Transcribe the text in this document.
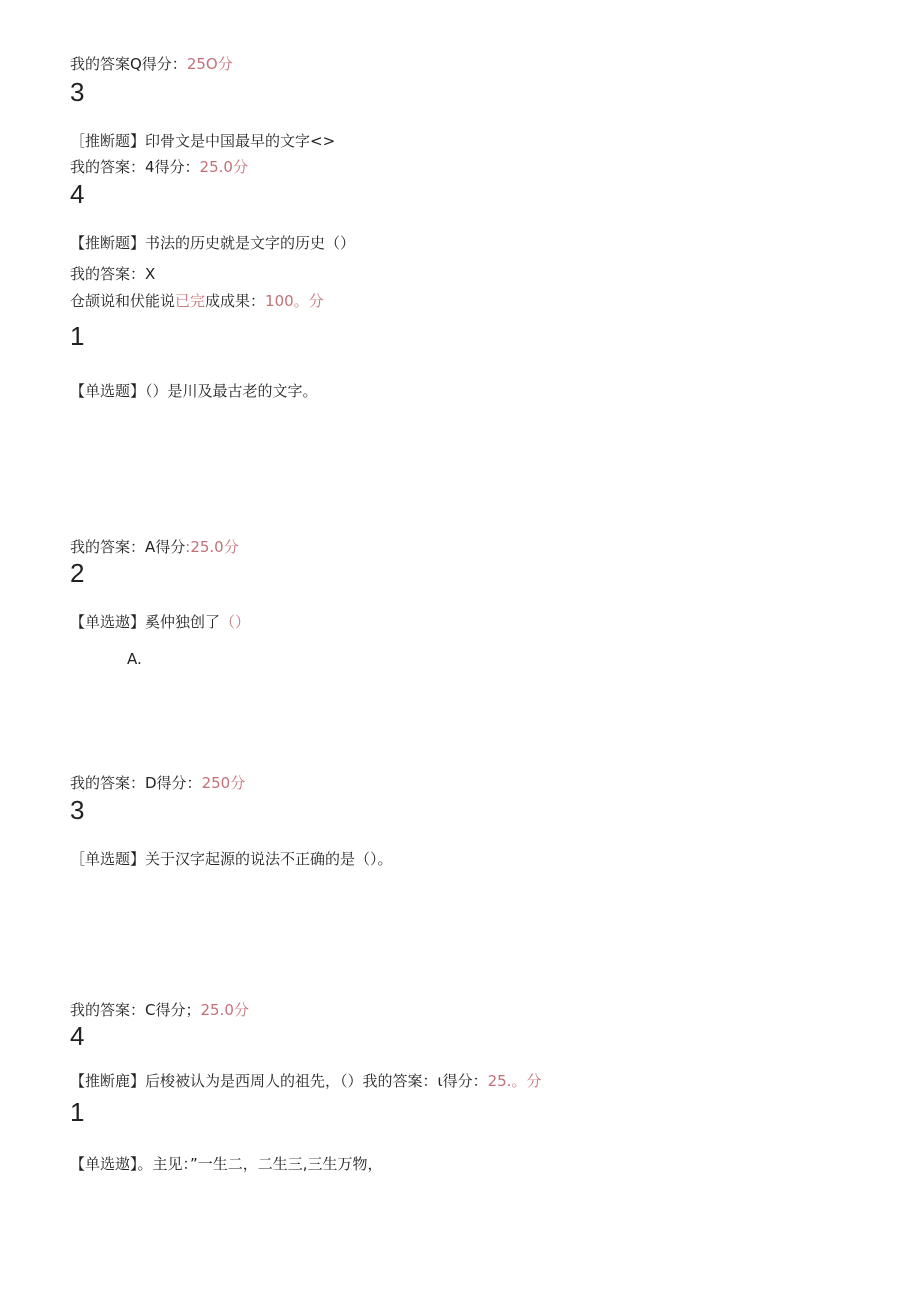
我的答案Q得分：25O分
3
［推断题】印骨文是中国最早的文字<>
我的答案：4得分：25.0分
4
【推断题】书法的历史就是文字的历史（）
我的答案：X
仓颉说和伏能说已完成成果：100。分
1
【单选题】（）是川及最古老的文字。
我的答案：A得分:25.0分
2
【单选遨】奚仲独创了（）
A.
我的答案：D得分：250分
3
［单选题】关于汉字起源的说法不正确的是（）。
我的答案：C得分；25.0分
4
【推断鹿】后梭被认为是西周人的祖先，（）我的答案：ι得分：25.。分
1
【单选遨】。主见：”一生二，二生三,三生万物，
